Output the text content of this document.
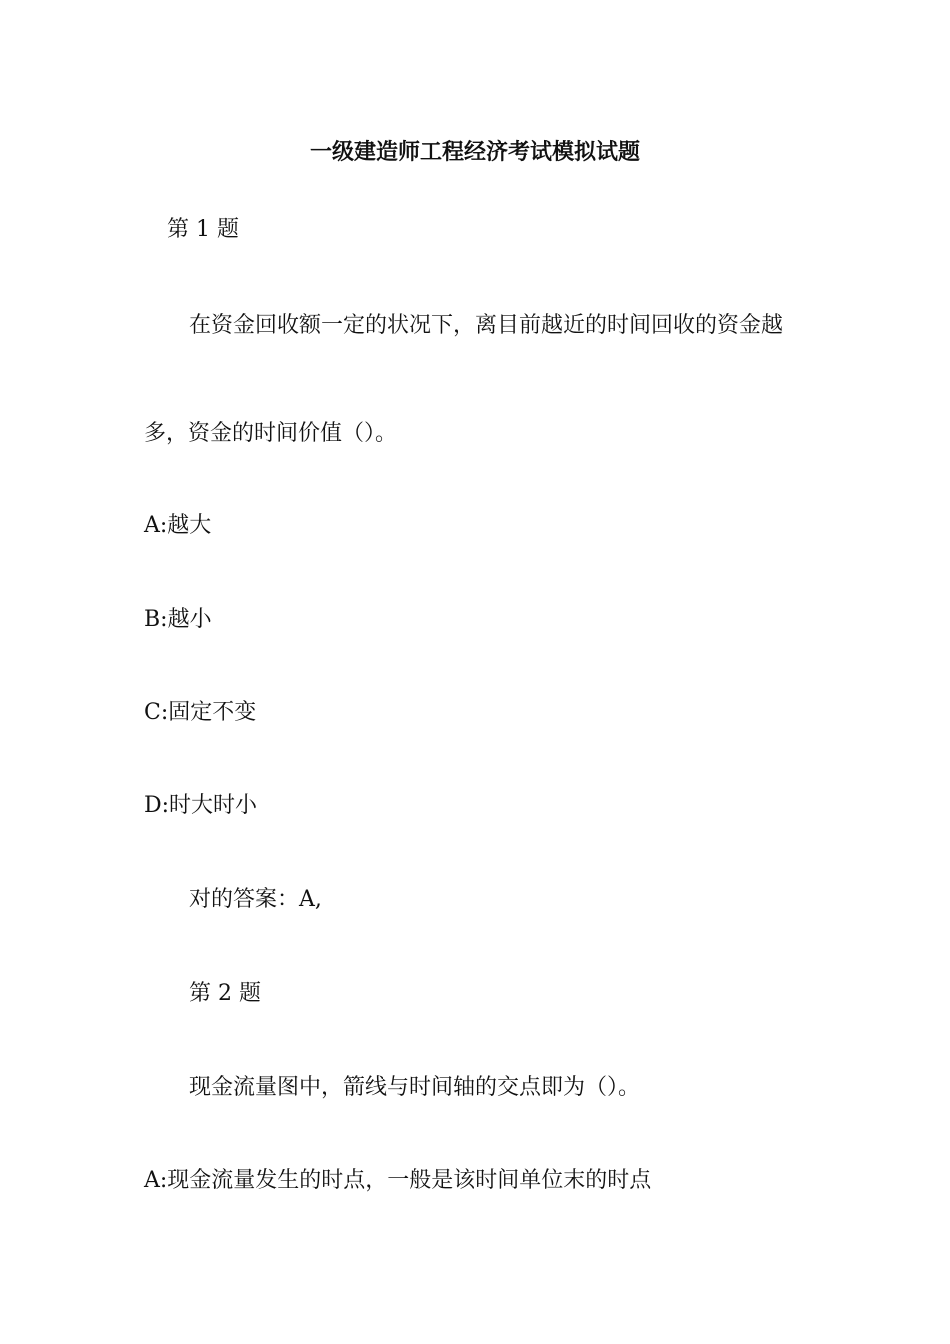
一级建造师工程经济考试模拟试题
第 1 题
在资金回收额一定的状况下，离目前越近的时间回收的资金越
多，资金的时间价值（）。
A:越大
B:越小
C:固定不变
D:时大时小
对的答案：A,
第 2 题
现金流量图中，箭线与时间轴的交点即为（）。
A:现金流量发生的时点，一般是该时间单位末的时点
